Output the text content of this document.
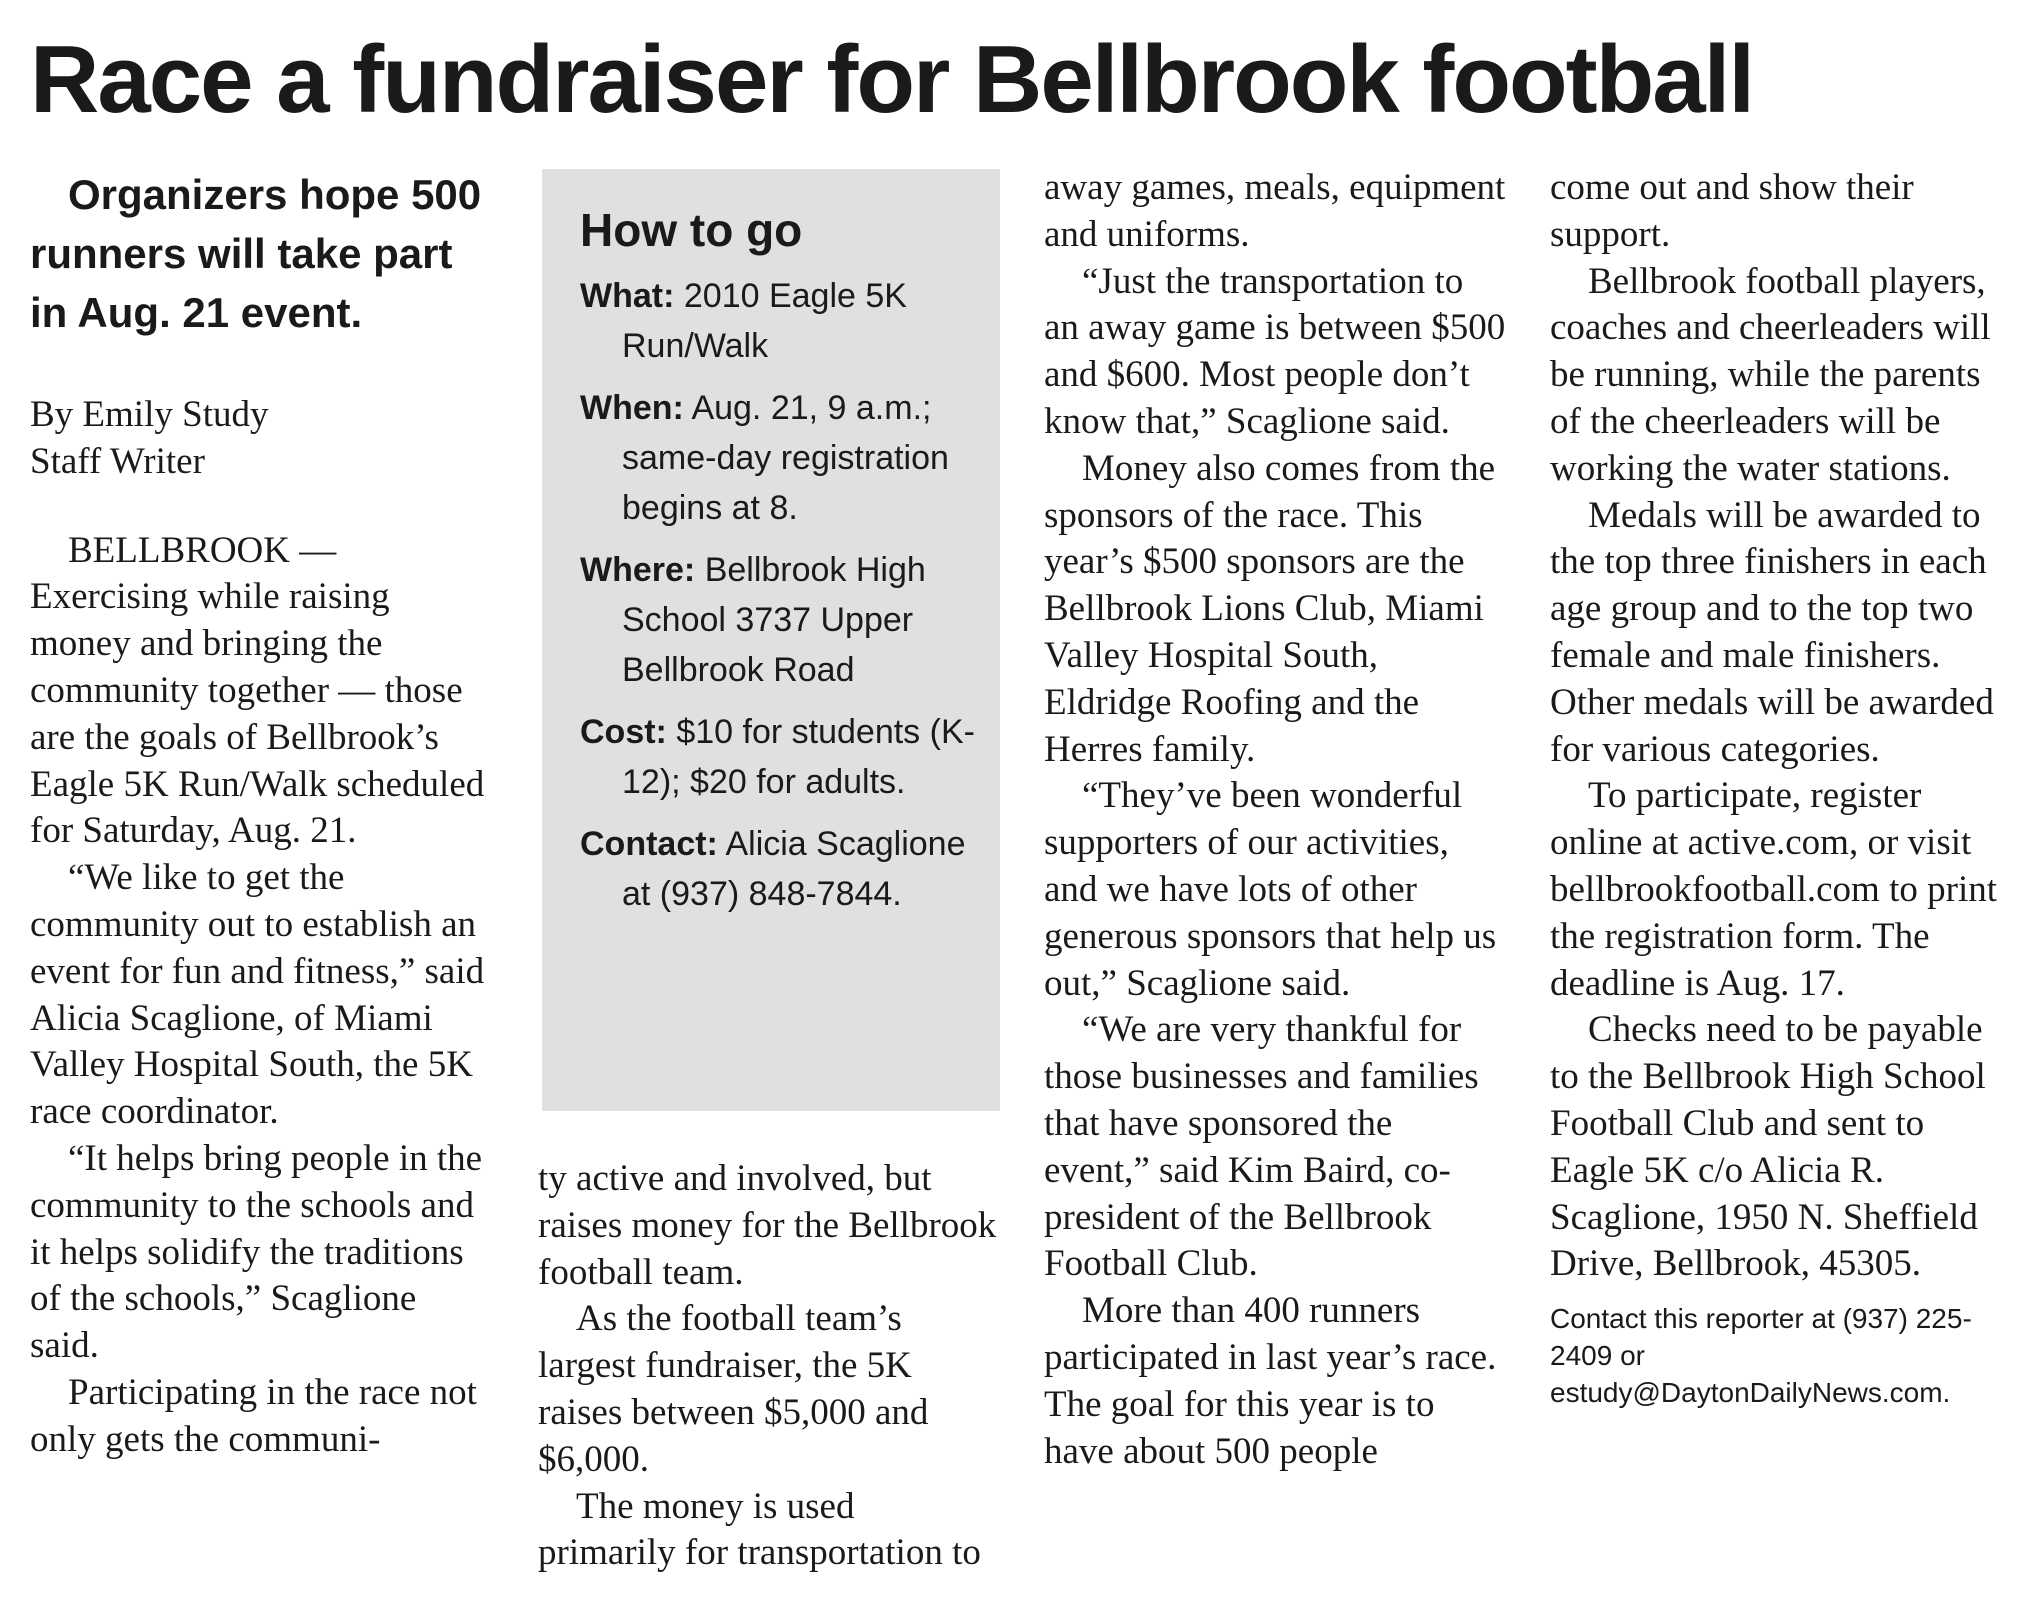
Race a fundraiser for Bellbrook football

Organizers hope 500 runners will take part in Aug. 21 event.

By Emily Study
Staff Writer

BELLBROOK — Exercising while raising money and bringing the community together — those are the goals of Bellbrook’s Eagle 5K Run/Walk scheduled for Saturday, Aug. 21.

“We like to get the community out to establish an event for fun and fitness,” said Alicia Scaglione, of Miami Valley Hospital South, the 5K race coordinator.

“It helps bring people in the community to the schools and it helps solidify the traditions of the schools,” Scaglione said.

Participating in the race not only gets the communi-

How to go
What: 2010 Eagle 5K Run/Walk
When: Aug. 21, 9 a.m.; same-day registration begins at 8.
Where: Bellbrook High School 3737 Upper Bellbrook Road
Cost: $10 for students (K-12); $20 for adults.
Contact: Alicia Scaglione at (937) 848-7844.

ty active and involved, but raises money for the Bellbrook football team.

As the football team’s largest fundraiser, the 5K raises between $5,000 and $6,000.

The money is used primarily for transportation to

away games, meals, equipment and uniforms.

“Just the transportation to an away game is between $500 and $600. Most people don’t know that,” Scaglione said.

Money also comes from the sponsors of the race. This year’s $500 sponsors are the Bellbrook Lions Club, Miami Valley Hospital South, Eldridge Roofing and the Herres family.

“They’ve been wonderful supporters of our activities, and we have lots of other generous sponsors that help us out,” Scaglione said.

“We are very thankful for those businesses and families that have sponsored the event,” said Kim Baird, co-president of the Bellbrook Football Club.

More than 400 runners participated in last year’s race. The goal for this year is to have about 500 people

come out and show their support.

Bellbrook football players, coaches and cheerleaders will be running, while the parents of the cheerleaders will be working the water stations.

Medals will be awarded to the top three finishers in each age group and to the top two female and male finishers. Other medals will be awarded for various categories.

To participate, register online at active.com, or visit bellbrookfootball.com to print the registration form. The deadline is Aug. 17.

Checks need to be payable to the Bellbrook High School Football Club and sent to Eagle 5K c/o Alicia R. Scaglione, 1950 N. Sheffield Drive, Bellbrook, 45305.

Contact this reporter at (937) 225-2409 or estudy@DaytonDailyNews.com.
